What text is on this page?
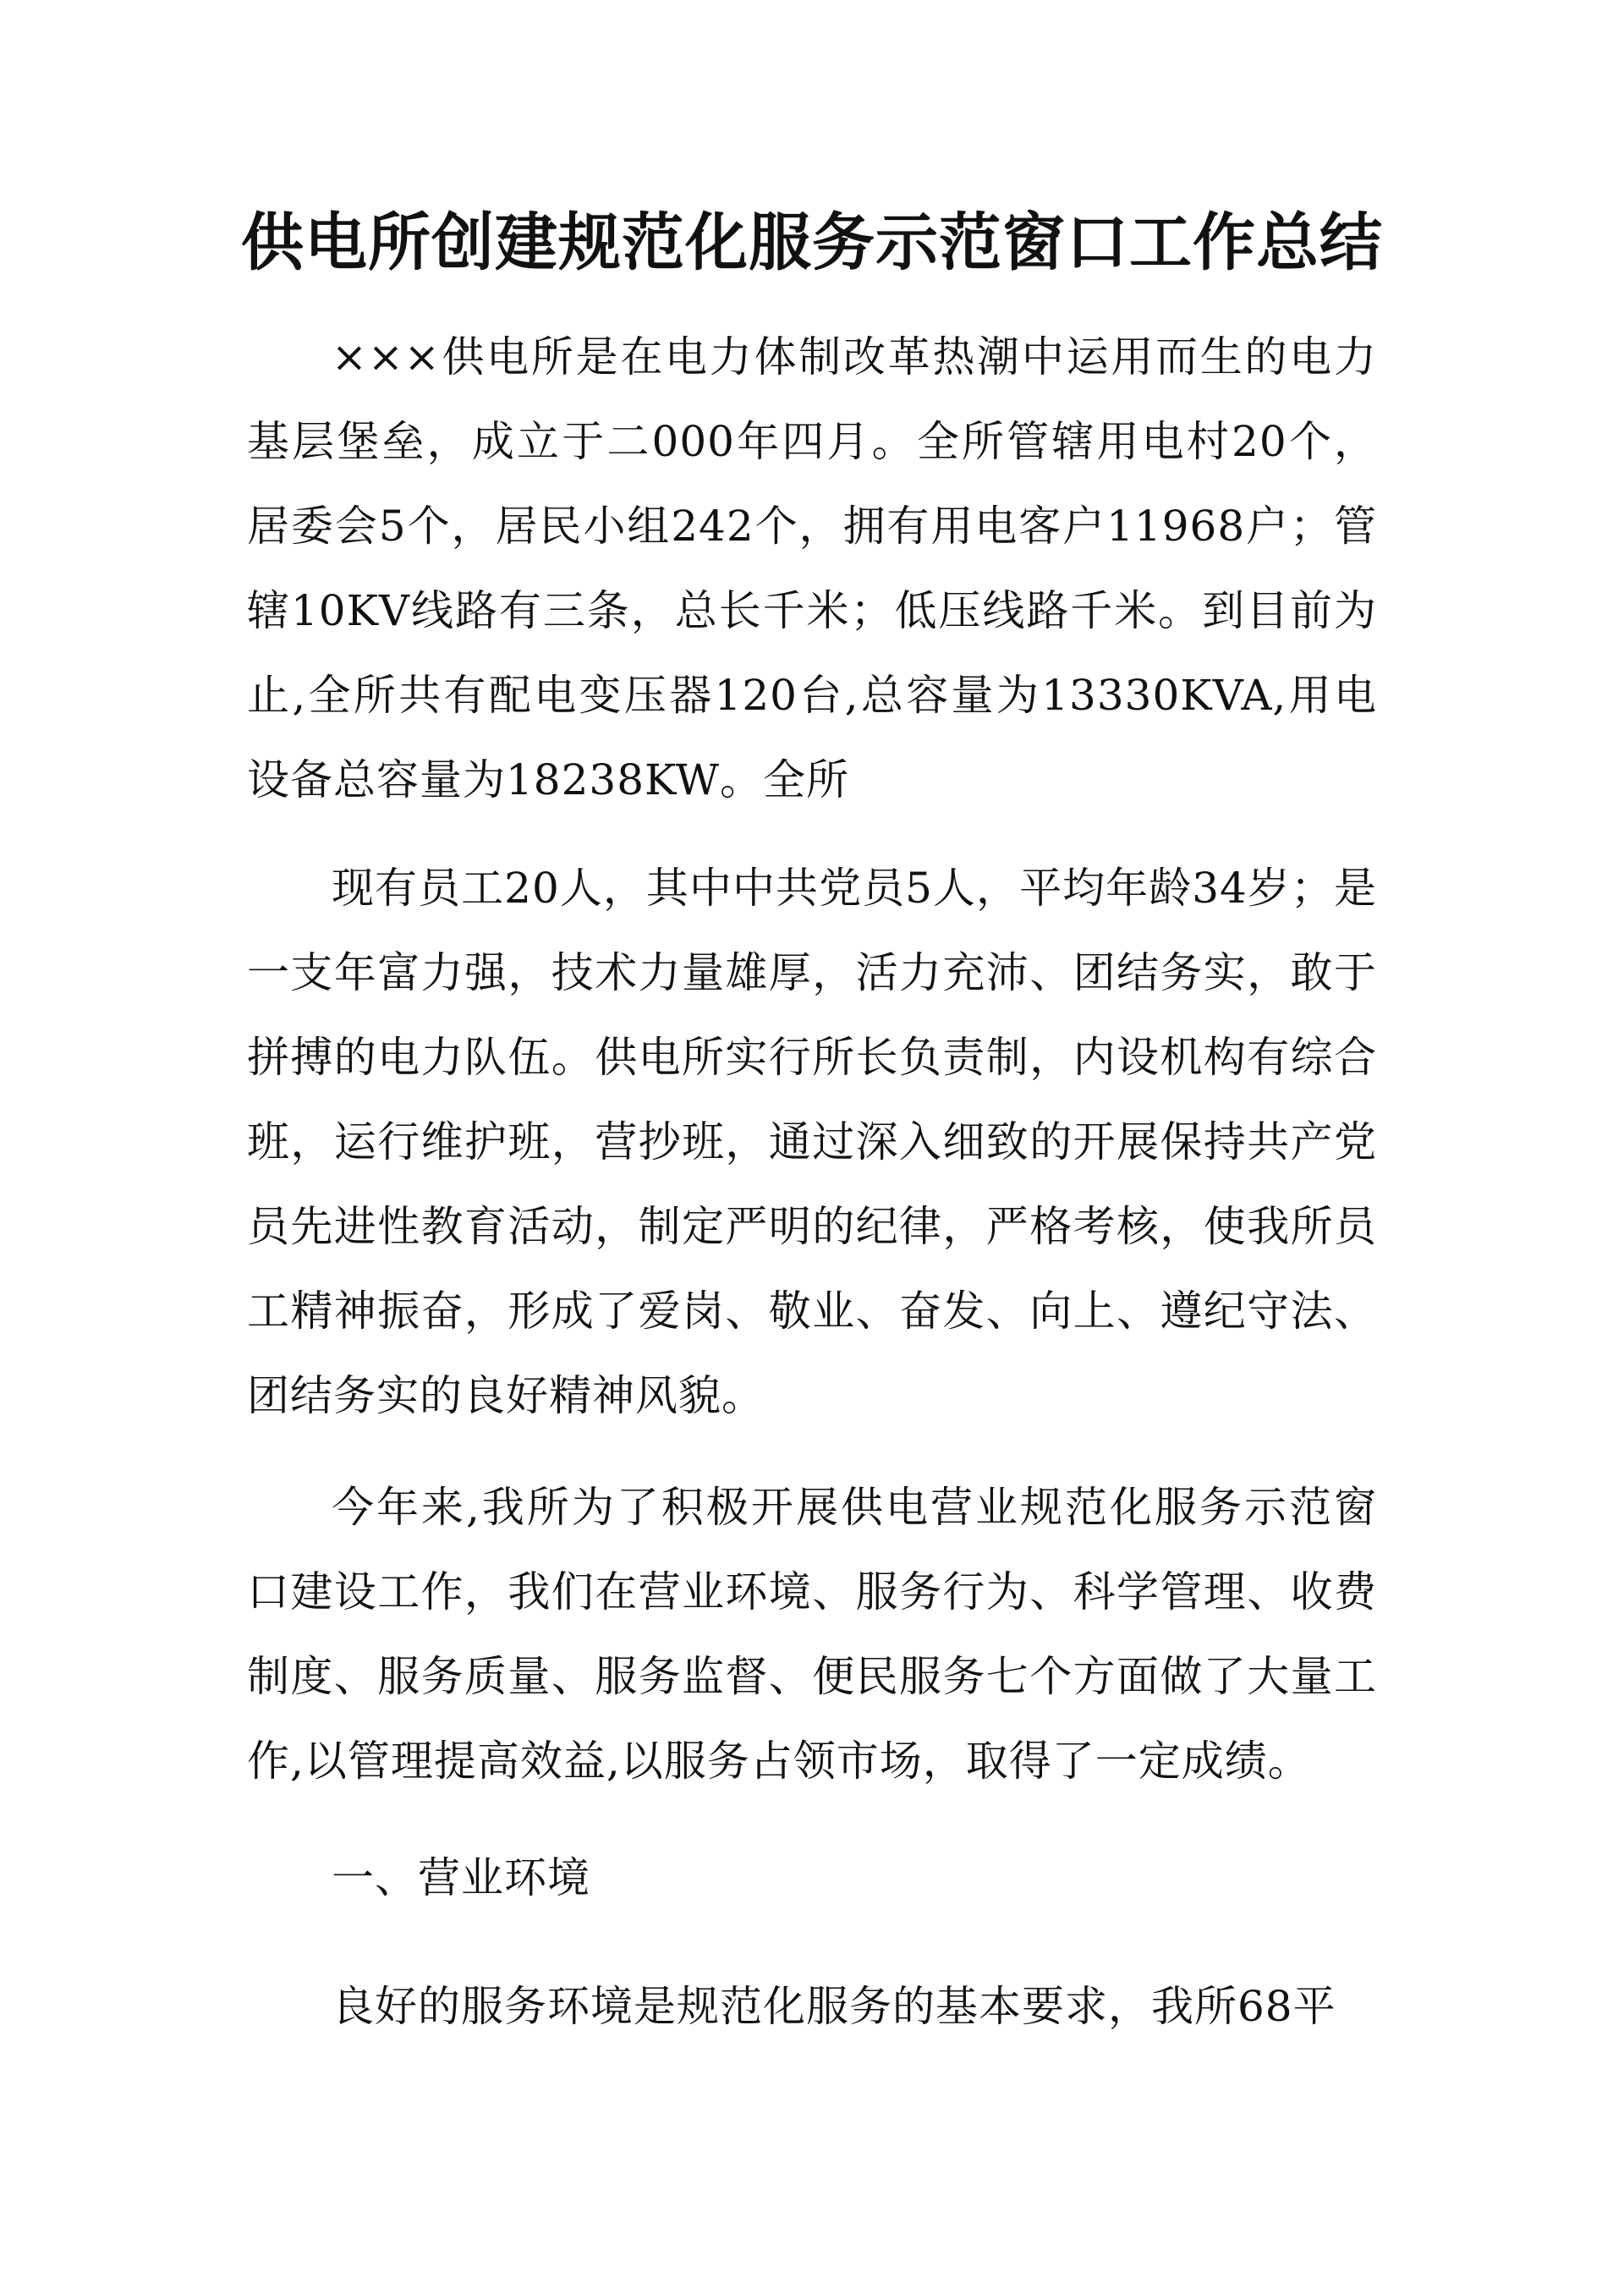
供电所创建规范化服务示范窗口工作总结

×××供电所是在电力体制改革热潮中运用而生的电力基层堡垒，成立于二000年四月。全所管辖用电村20个，居委会5个，居民小组242个，拥有用电客户11968户；管辖10KV线路有三条，总长千米；低压线路千米。到目前为止,全所共有配电变压器120台,总容量为13330KVA,用电设备总容量为18238KW。全所

现有员工20人，其中中共党员5人，平均年龄34岁；是一支年富力强，技术力量雄厚，活力充沛、团结务实，敢于拼搏的电力队伍。供电所实行所长负责制，内设机构有综合班，运行维护班，营抄班，通过深入细致的开展保持共产党员先进性教育活动，制定严明的纪律，严格考核，使我所员工精神振奋，形成了爱岗、敬业、奋发、向上、遵纪守法、团结务实的良好精神风貌。

今年来,我所为了积极开展供电营业规范化服务示范窗口建设工作，我们在营业环境、服务行为、科学管理、收费制度、服务质量、服务监督、便民服务七个方面做了大量工作,以管理提高效益,以服务占领市场，取得了一定成绩。

一、营业环境

良好的服务环境是规范化服务的基本要求，我所68平
